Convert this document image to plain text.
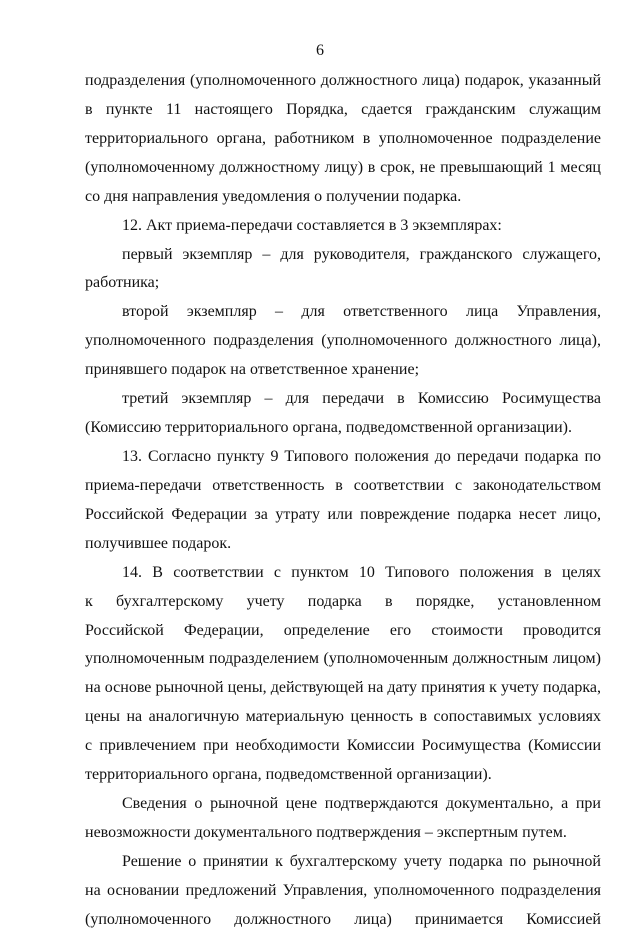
6
подразделения (уполномоченного должностного лица) подарок, указанный
в пункте 11 настоящего Порядка, сдается гражданским служащим
территориального органа, работником в уполномоченное подразделение
(уполномоченному должностному лицу) в срок, не превышающий 1 месяц
со дня направления уведомления о получении подарка.
12. Акт приема-передачи составляется в 3 экземплярах:
первый экземпляр – для руководителя, гражданского служащего,
работника;
второй экземпляр – для ответственного лица Управления,
уполномоченного подразделения (уполномоченного должностного лица),
принявшего подарок на ответственное хранение;
третий экземпляр – для передачи в Комиссию Росимущества
(Комиссию территориального органа, подведомственной организации).
13. Согласно пункту 9 Типового положения до передачи подарка по
приема-передачи ответственность в соответствии с законодательством
Российской Федерации за утрату или повреждение подарка несет лицо,
получившее подарок.
14. В соответствии с пунктом 10 Типового положения в целях
к бухгалтерскому учету подарка в порядке, установленном
Российской Федерации, определение его стоимости проводится
уполномоченным подразделением (уполномоченным должностным лицом)
на основе рыночной цены, действующей на дату принятия к учету подарка,
цены на аналогичную материальную ценность в сопоставимых условиях
с привлечением при необходимости Комиссии Росимущества (Комиссии
территориального органа, подведомственной организации).
Сведения о рыночной цене подтверждаются документально, а при
невозможности документального подтверждения – экспертным путем.
Решение о принятии к бухгалтерскому учету подарка по рыночной
на основании предложений Управления, уполномоченного подразделения
(уполномоченного должностного лица) принимается Комиссией
